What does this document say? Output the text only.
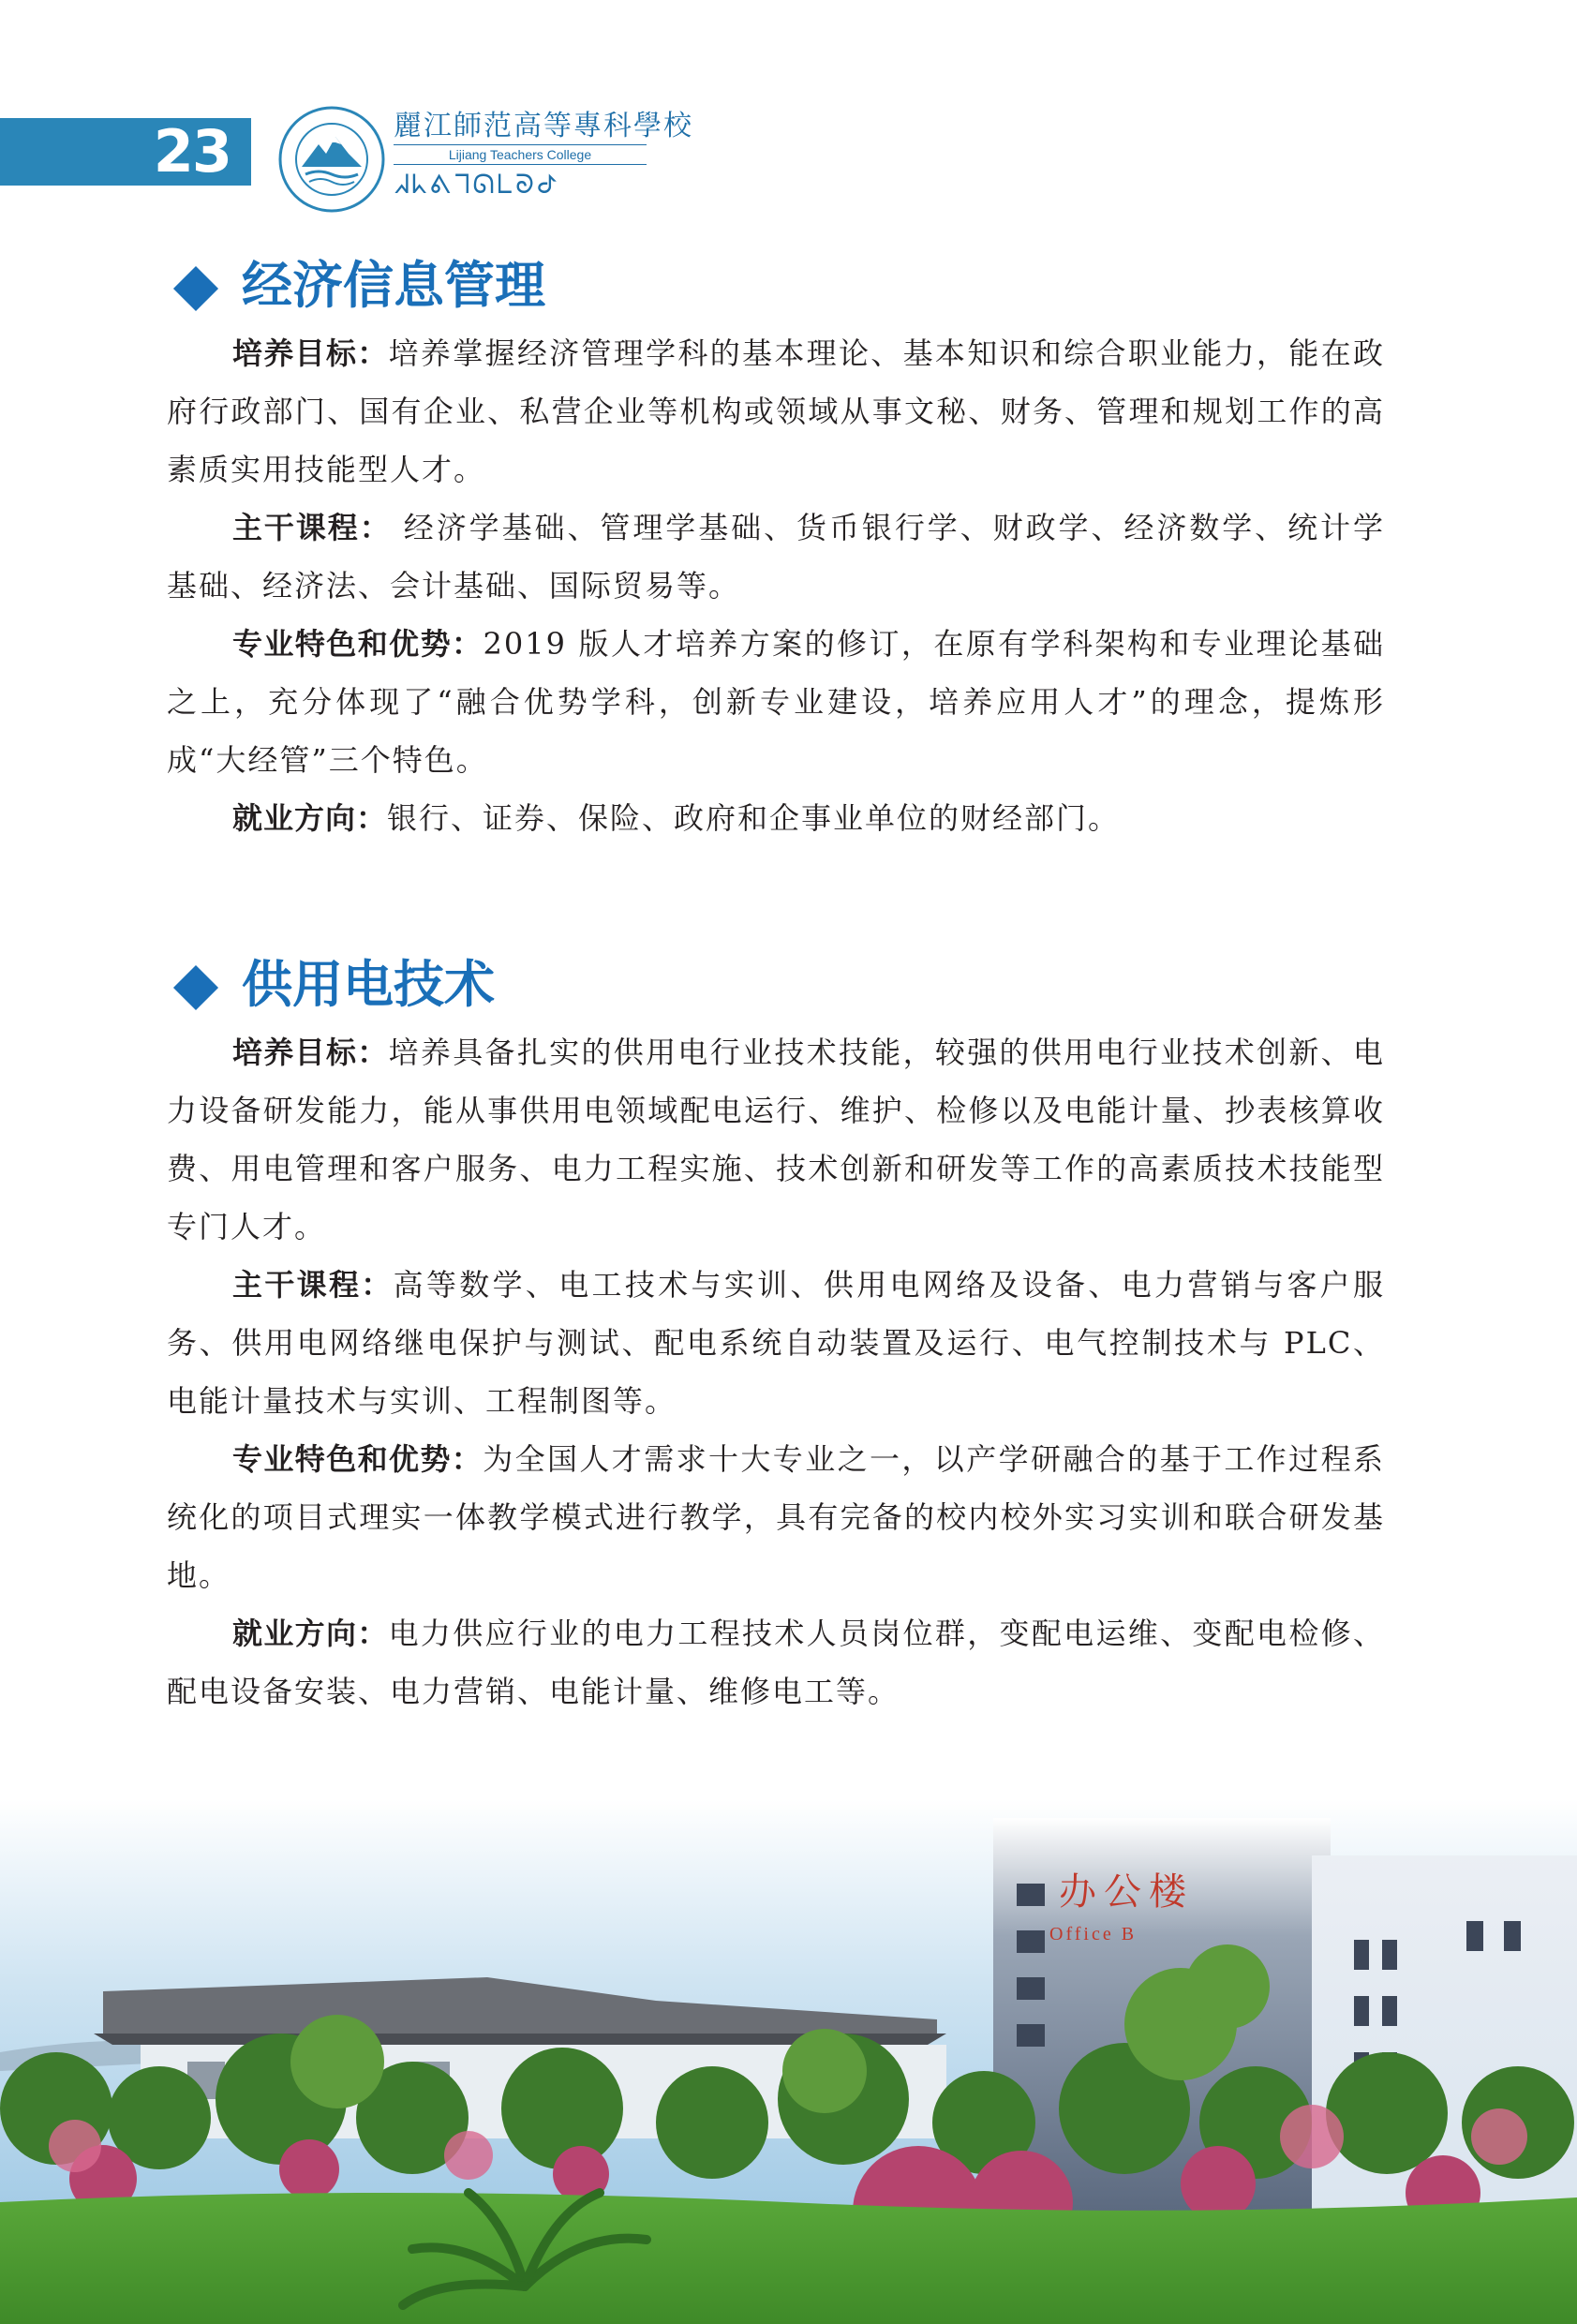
23	麗江師范高等專科學校
Lijiang Teachers College
ᖽᖾᕕᒣᘏᒪᘐᕷ
经济信息管理

培养目标：培养掌握经济管理学科的基本理论、基本知识和综合职业能力，能在政府行政部门、国有企业、私营企业等机构或领域从事文秘、财务、管理和规划工作的高素质实用技能型人才。

主干课程： 经济学基础、管理学基础、货币银行学、财政学、经济数学、统计学基础、经济法、会计基础、国际贸易等。

专业特色和优势：2019 版人才培养方案的修订，在原有学科架构和专业理论基础之上，充分体现了“融合优势学科，创新专业建设，培养应用人才”的理念，提炼形成“大经管”三个特色。

就业方向：银行、证券、保险、政府和企事业单位的财经部门。

供用电技术

培养目标：培养具备扎实的供用电行业技术技能，较强的供用电行业技术创新、电力设备研发能力，能从事供用电领域配电运行、维护、检修以及电能计量、抄表核算收费、用电管理和客户服务、电力工程实施、技术创新和研发等工作的高素质技术技能型专门人才。

主干课程：高等数学、电工技术与实训、供用电网络及设备、电力营销与客户服务、供用电网络继电保护与测试、配电系统自动装置及运行、电气控制技术与 PLC、电能计量技术与实训、工程制图等。

专业特色和优势：为全国人才需求十大专业之一，以产学研融合的基于工作过程系统化的项目式理实一体教学模式进行教学，具有完备的校内校外实习实训和联合研发基地。

就业方向：电力供应行业的电力工程技术人员岗位群，变配电运维、变配电检修、配电设备安装、电力营销、电能计量、维修电工等。

办公楼
Office B
